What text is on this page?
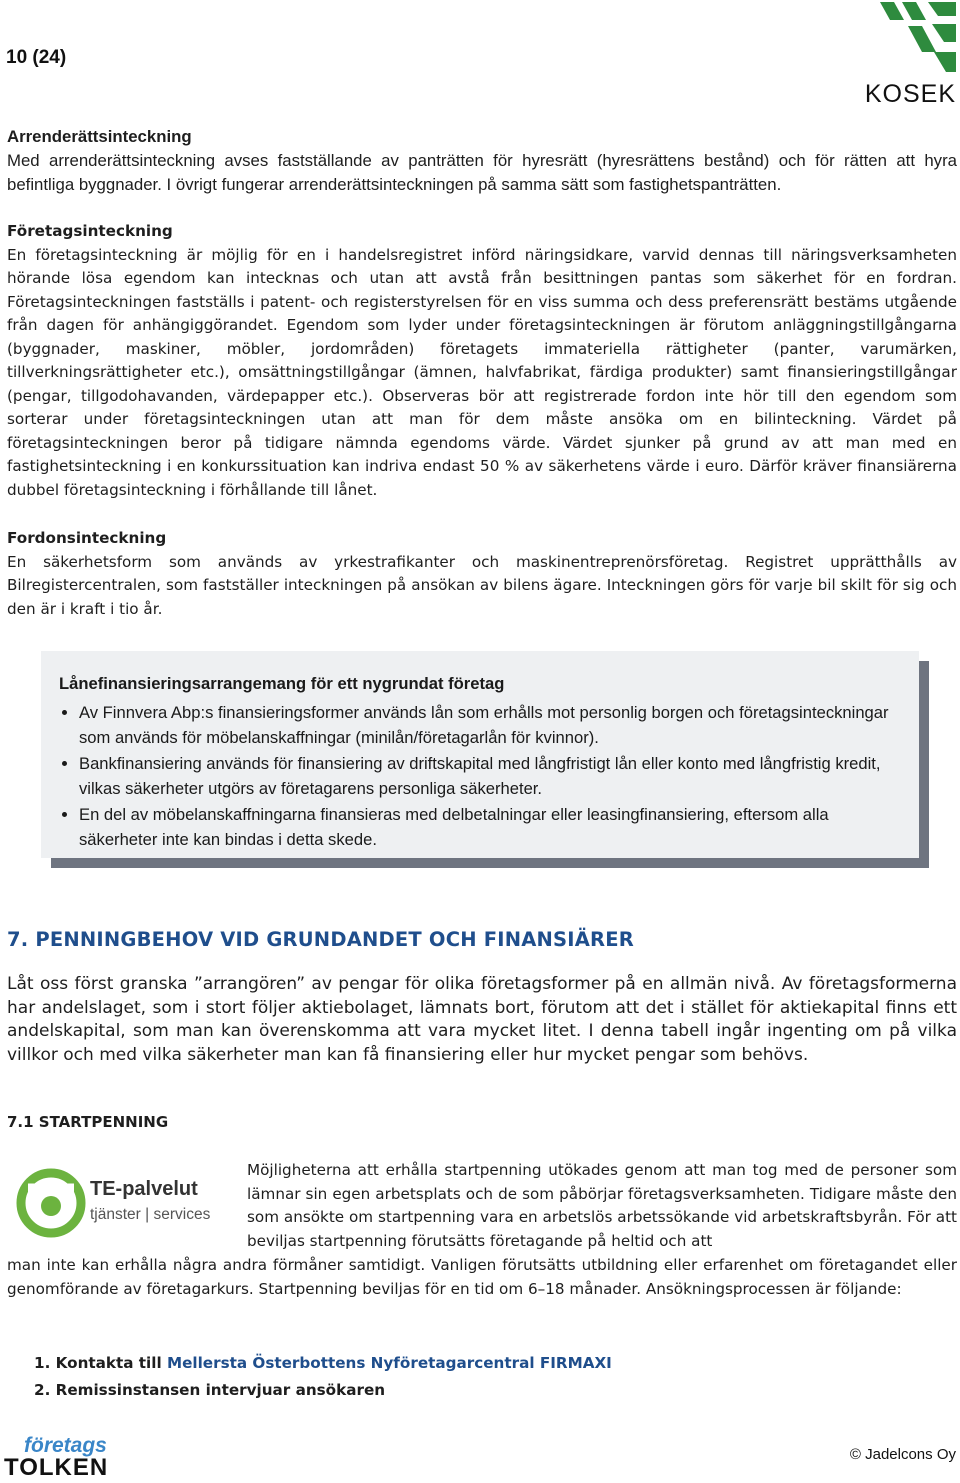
10 (24)
KOSEK

Arrenderättsinteckning

Med arrenderättsinteckning avses fastställande av panträtten för hyresrätt (hyresrättens bestånd) och för rätten att hyra befintliga byggnader. I övrigt fungerar arrenderättsinteckningen på samma sätt som fastighetspanträtten.

Företagsinteckning

En företagsinteckning är möjlig för en i handelsregistret införd näringsidkare, varvid dennas till näringsverksamheten hörande lösa egendom kan intecknas och utan att avstå från besittningen pantas som säkerhet för en fordran. Företagsinteckningen fastställs i patent- och registerstyrelsen för en viss summa och dess preferensrätt bestäms utgående från dagen för anhängiggörandet. Egendom som lyder under företagsinteckningen är förutom anläggningstillgångarna (byggnader, maskiner, möbler, jordområden) företagets immateriella rättigheter (panter, varumärken, tillverkningsrättigheter etc.), omsättningstillgångar (ämnen, halvfabrikat, färdiga produkter) samt finansieringstillgångar (pengar, tillgodohavanden, värdepapper etc.). Observeras bör att registrerade fordon inte hör till den egendom som sorterar under företagsinteckningen utan att man för dem måste ansöka om en bilinteckning. Värdet på företagsinteckningen beror på tidigare nämnda egendoms värde. Värdet sjunker på grund av att man med en fastighetsinteckning i en konkurssituation kan indriva endast 50 % av säkerhetens värde i euro. Därför kräver finansiärerna dubbel företagsinteckning i förhållande till lånet.

Fordonsinteckning

En säkerhetsform som används av yrkestrafikanter och maskinentreprenörsföretag. Registret upprätthålls av Bilregistercentralen, som fastställer inteckningen på ansökan av bilens ägare. Inteckningen görs för varje bil skilt för sig och den är i kraft i tio år.

Lånefinansieringsarrangemang för ett nygrundat företag
• Av Finnvera Abp:s finansieringsformer används lån som erhålls mot personlig borgen och företagsinteckningar som används för möbelanskaffningar (minilån/företagarlån för kvinnor).
• Bankfinansiering används för finansiering av driftskapital med långfristigt lån eller konto med långfristig kredit, vilkas säkerheter utgörs av företagarens personliga säkerheter.
• En del av möbelanskaffningarna finansieras med delbetalningar eller leasingfinansiering, eftersom alla säkerheter inte kan bindas i detta skede.
7. PENNINGBEHOV VID GRUNDANDET OCH FINANSIÄRER
Låt oss först granska ”arrangören” av pengar för olika företagsformer på en allmän nivå. Av företagsformerna har andelslaget, som i stort följer aktiebolaget, lämnats bort, förutom att det i stället för aktiekapital finns ett andelskapital, som man kan överenskomma att vara mycket litet. I denna tabell ingår ingenting om på vilka villkor och med vilka säkerheter man kan få finansiering eller hur mycket pengar som behövs.
7.1 STARTPENNING
TE-palvelut
tjänster | services
Möjligheterna att erhålla startpenning utökades genom att man tog med de personer som lämnar sin egen arbetsplats och de som påbörjar företagsverksamheten. Tidigare måste den som ansökte om startpenning vara en arbetslös arbetssökande vid arbetskraftsbyrån. För att beviljas startpenning förutsätts företagande på heltid och att
man inte kan erhålla några andra förmåner samtidigt. Vanligen förutsätts utbildning eller erfarenhet om företagandet eller genomförande av företagarkurs. Startpenning beviljas för en tid om 6–18 månader. Ansökningsprocessen är följande:
1. Kontakta till Mellersta Österbottens Nyföretagarcentral FIRMAXI
2. Remissinstansen intervjuar ansökaren
företags
TOLKEN	© Jadelcons Oy
